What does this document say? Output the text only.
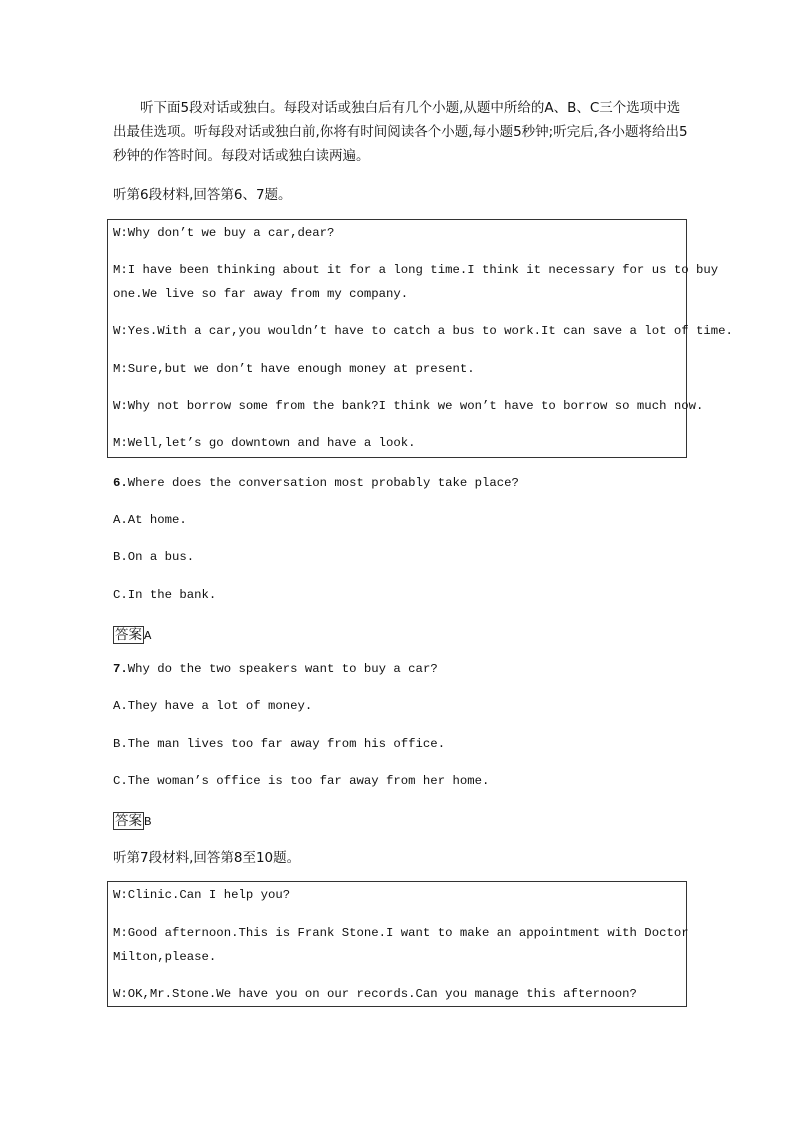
听下面5段对话或独白。每段对话或独白后有几个小题,从题中所给的A、B、C三个选项中选出最佳选项。听每段对话或独白前,你将有时间阅读各个小题,每小题5秒钟;听完后,各小题将给出5秒钟的作答时间。每段对话或独白读两遍。
听第6段材料,回答第6、7题。
W:Why don’t we buy a car,dear?
M:I have been thinking about it for a long time.I think it necessary for us to buy
one.We live so far away from my company.
W:Yes.With a car,you wouldn’t have to catch a bus to work.It can save a lot of time.
M:Sure,but we don’t have enough money at present.
W:Why not borrow some from the bank?I think we won’t have to borrow so much now.
M:Well,let’s go downtown and have a look.
6.Where does the conversation most probably take place?
A.At home.
B.On a bus.
C.In the bank.
答案 A
7.Why do the two speakers want to buy a car?
A.They have a lot of money.
B.The man lives too far away from his office.
C.The woman’s office is too far away from her home.
答案 B
听第7段材料,回答第8至10题。
W:Clinic.Can I help you?
M:Good afternoon.This is Frank Stone.I want to make an appointment with Doctor
Milton,please.
W:OK,Mr.Stone.We have you on our records.Can you manage this afternoon?
